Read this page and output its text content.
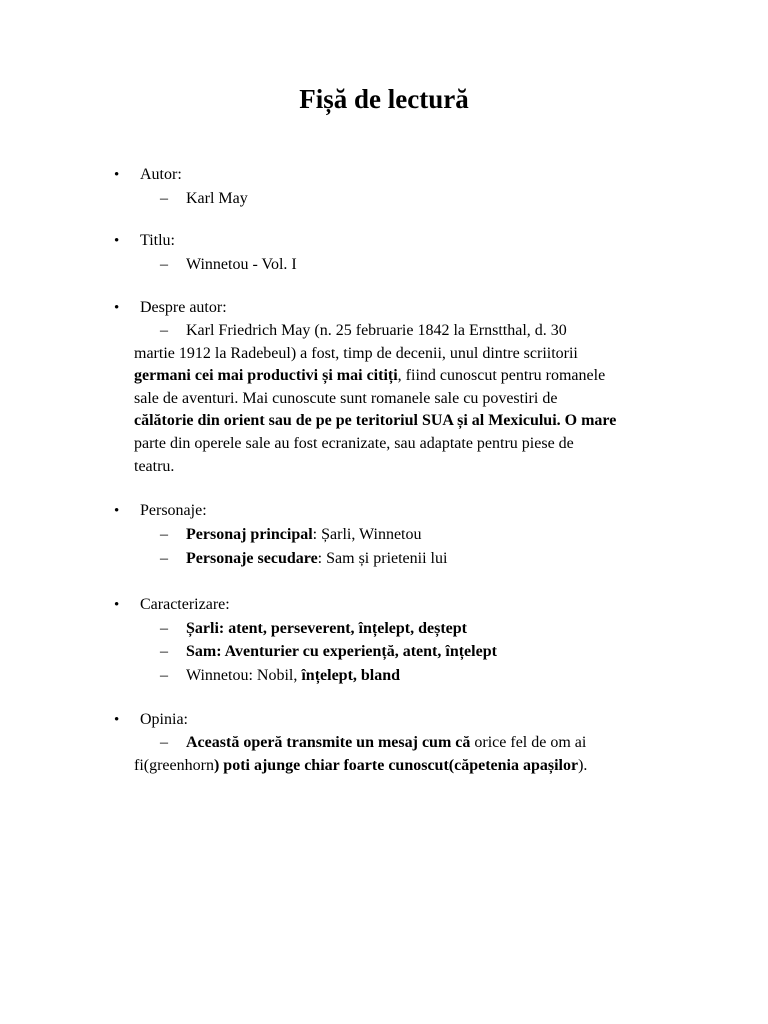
Fișă de lectură
• Autor:
– Karl May
• Titlu:
– Winnetou - Vol. I
• Despre autor:
– Karl Friedrich May (n. 25 februarie 1842 la Ernstthal, d. 30
martie 1912 la Radebeul) a fost, timp de decenii, unul dintre scriitorii
germani cei mai productivi și mai citiți, fiind cunoscut pentru romanele
sale de aventuri. Mai cunoscute sunt romanele sale cu povestiri de
călătorie din orient sau de pe pe teritoriul SUA și al Mexicului. O mare
parte din operele sale au fost ecranizate, sau adaptate pentru piese de
teatru.
• Personaje:
– Personaj principal: Șarli, Winnetou
– Personaje secudare: Sam și prietenii lui
• Caracterizare:
– Șarli: atent, perseverent, înțelept, deștept
– Sam: Aventurier cu experiență, atent, înțelept
– Winnetou: Nobil, înțelept, bland
• Opinia:
– Această operă transmite un mesaj cum că orice fel de om ai
fi(greenhorn) poti ajunge chiar foarte cunoscut(căpetenia apașilor).
